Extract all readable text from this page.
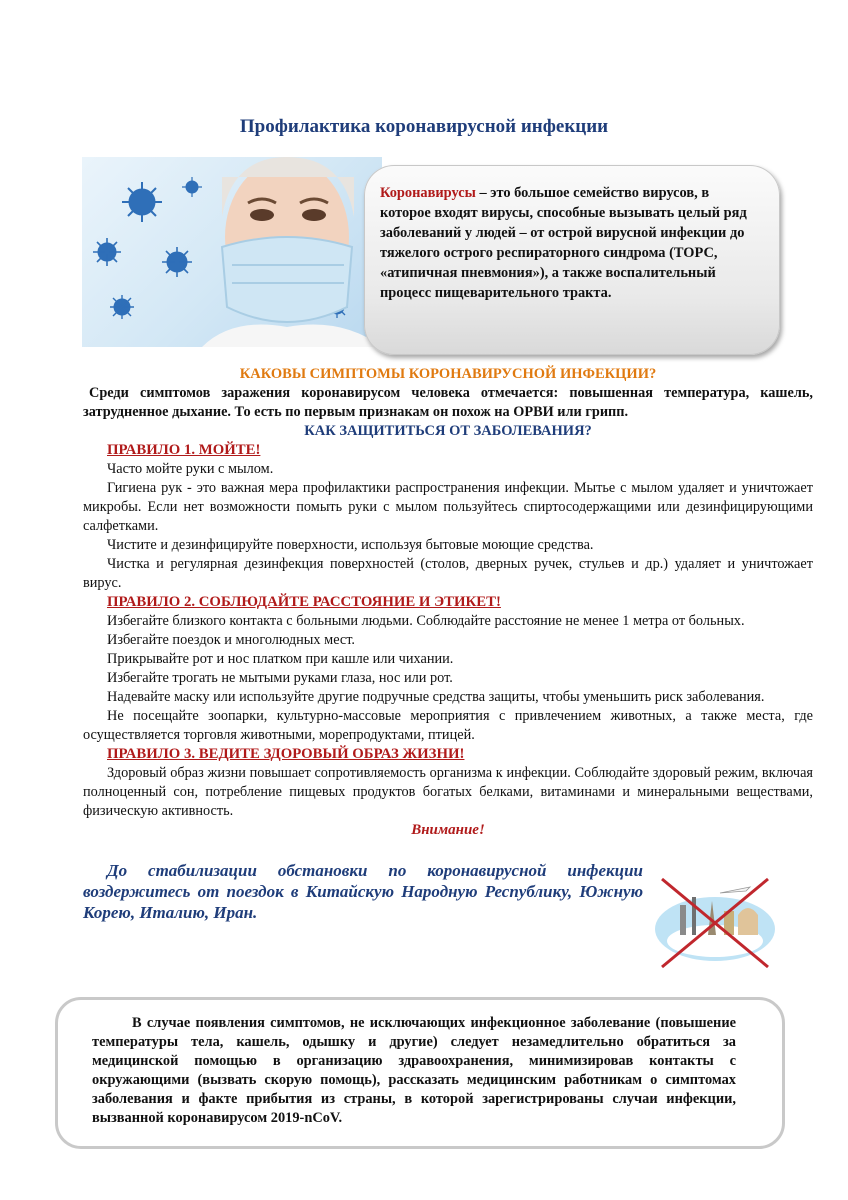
Профилактика коронавирусной инфекции
Коронавирусы – это большое семейство вирусов, в которое входят вирусы, способные вызывать целый ряд заболеваний у людей – от острой вирусной инфекции до тяжелого острого респираторного синдрома (ТОРС, «атипичная пневмония»), а также воспалительный процесс пищеварительного тракта.

КАКОВЫ СИМПТОМЫ КОРОНАВИРУСНОЙ ИНФЕКЦИИ?

Среди симптомов заражения коронавирусом человека отмечается: повышенная температура, кашель, затрудненное дыхание. То есть по первым признакам он похож на ОРВИ или грипп.

КАК ЗАЩИТИТЬСЯ ОТ ЗАБОЛЕВАНИЯ?

ПРАВИЛО 1. МОЙТЕ!

Часто мойте руки с мылом.

Гигиена рук - это важная мера профилактики распространения инфекции. Мытье с мылом удаляет и уничтожает микробы. Если нет возможности помыть руки с мылом пользуйтесь спиртосодержащими или дезинфицирующими салфетками.

Чистите и дезинфицируйте поверхности, используя бытовые моющие средства.

Чистка и регулярная дезинфекция поверхностей (столов, дверных ручек, стульев и др.) удаляет и уничтожает вирус.

ПРАВИЛО 2. СОБЛЮДАЙТЕ РАССТОЯНИЕ И ЭТИКЕТ!

Избегайте близкого контакта с больными людьми. Соблюдайте расстояние не менее 1 метра от больных.

Избегайте поездок и многолюдных мест.

Прикрывайте рот и нос платком при кашле или чихании.

Избегайте трогать не мытыми руками глаза, нос или рот.

Надевайте маску или используйте другие подручные средства защиты, чтобы уменьшить риск заболевания.

Не посещайте зоопарки, культурно-массовые мероприятия с привлечением животных, а также места, где осуществляется торговля животными, морепродуктами, птицей.

ПРАВИЛО 3. ВЕДИТЕ ЗДОРОВЫЙ ОБРАЗ ЖИЗНИ!

Здоровый образ жизни повышает сопротивляемость организма к инфекции. Соблюдайте здоровый режим, включая полноценный сон, потребление пищевых продуктов богатых белками, витаминами и минеральными веществами, физическую активность.

Внимание!

До стабилизации обстановки по коронавирусной инфекции воздержитесь от поездок в Китайскую Народную Республику, Южную Корею, Италию, Иран.
В случае появления симптомов, не исключающих инфекционное заболевание (повышение температуры тела, кашель, одышку и другие) следует незамедлительно обратиться за медицинской помощью в организацию здравоохранения, минимизировав контакты с окружающими (вызвать скорую помощь), рассказать медицинским работникам о симптомах заболевания и факте прибытия из страны, в которой зарегистрированы случаи инфекции, вызванной коронавирусом 2019-nCoV.
